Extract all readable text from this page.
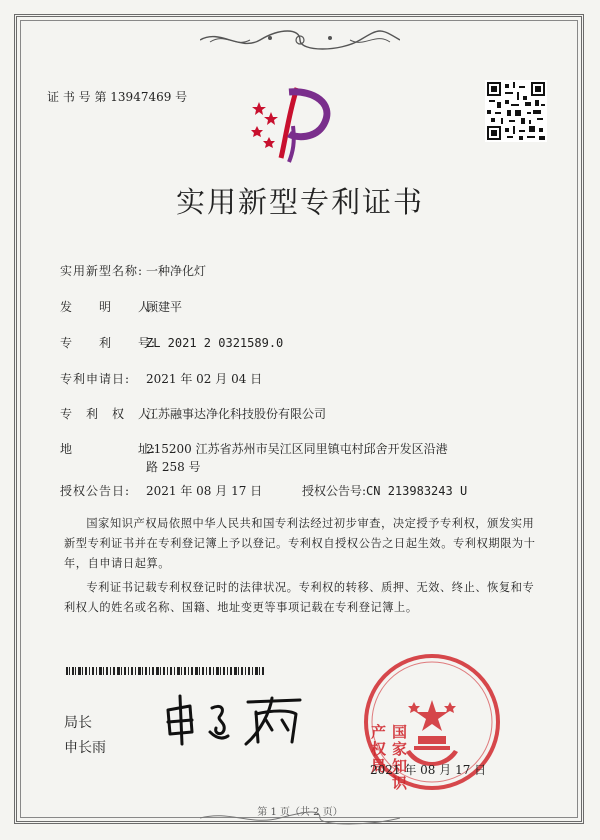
证 书 号 第 13947469 号
实用新型专利证书
实用新型名称: 一种净化灯
发　　明　　人:顾建平
专　　利　　号:ZL 2021 2 0321589.0
专利申请日: 2021 年 02 月 04 日
专　利　权　人:江苏融事达净化科技股份有限公司
地　　　　　址:215200 江苏省苏州市吴江区同里镇屯村邱舍开发区沿港
路 258 号
授权公告日: 2021 年 08 月 17 日	授权公告号:CN 213983243 U
国家知识产权局依照中华人民共和国专利法经过初步审查，决定授予专利权，颁发实用新型专利证书并在专利登记簿上予以登记。专利权自授权公告之日起生效。专利权期限为十年，自申请日起算。
专利证书记载专利权登记时的法律状况。专利权的转移、质押、无效、终止、恢复和专利权人的姓名或名称、国籍、地址变更等事项记载在专利登记簿上。
局长
申长雨	国家知识产权局
2021 年 08 月 17 日
第 1 页（共 2 页）
